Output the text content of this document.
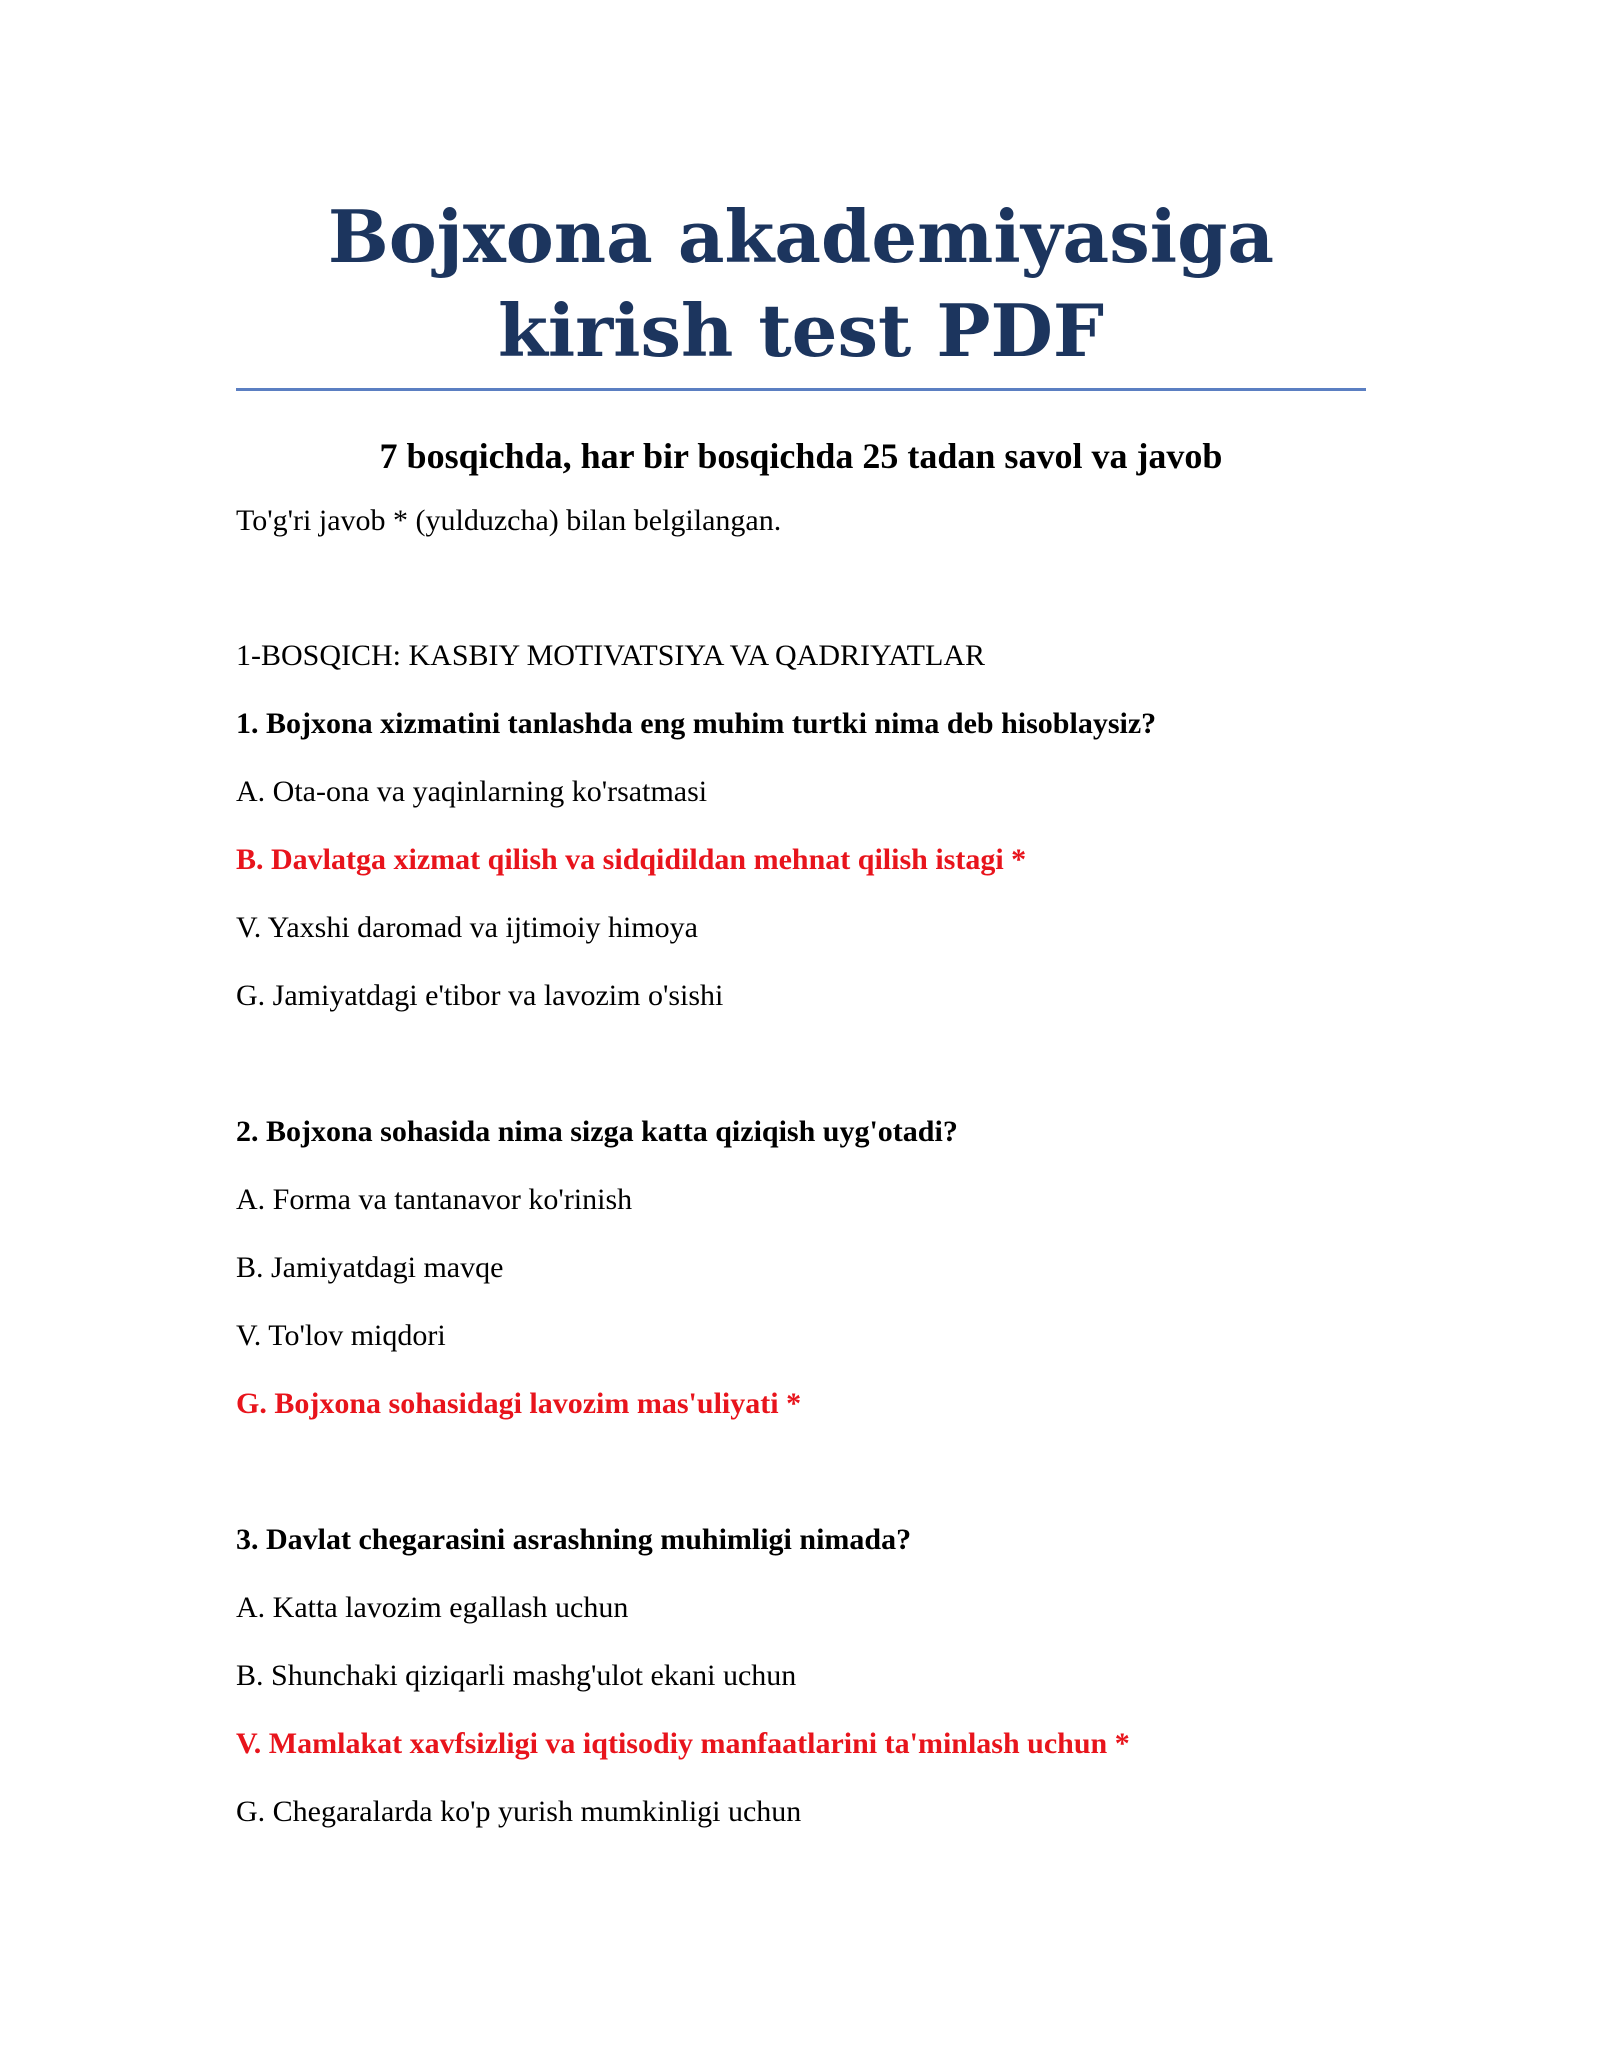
Bojxona akademiyasiga kirish test PDF
7 bosqichda, har bir bosqichda 25 tadan savol va javob

To'g'ri javob * (yulduzcha) bilan belgilangan.

1-BOSQICH: KASBIY MOTIVATSIYA VA QADRIYATLAR

1. Bojxona xizmatini tanlashda eng muhim turtki nima deb hisoblaysiz?

A. Ota-ona va yaqinlarning ko'rsatmasi

B. Davlatga xizmat qilish va sidqidildan mehnat qilish istagi *

V. Yaxshi daromad va ijtimoiy himoya

G. Jamiyatdagi e'tibor va lavozim o'sishi

2. Bojxona sohasida nima sizga katta qiziqish uyg'otadi?

A. Forma va tantanavor ko'rinish

B. Jamiyatdagi mavqe

V. To'lov miqdori

G. Bojxona sohasidagi lavozim mas'uliyati *

3. Davlat chegarasini asrashning muhimligi nimada?

A. Katta lavozim egallash uchun

B. Shunchaki qiziqarli mashg'ulot ekani uchun

V. Mamlakat xavfsizligi va iqtisodiy manfaatlarini ta'minlash uchun *

G. Chegaralarda ko'p yurish mumkinligi uchun
